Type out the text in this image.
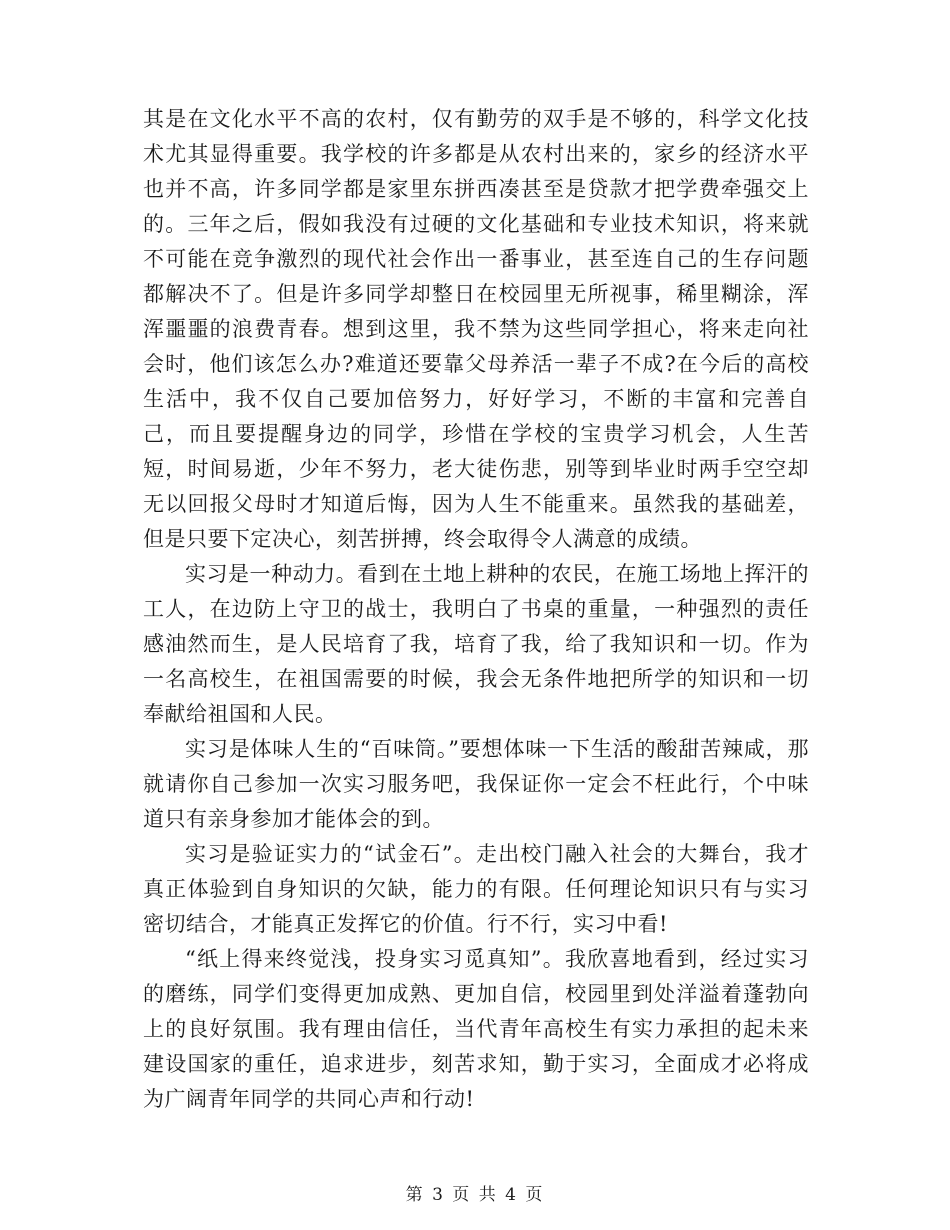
其是在文化水平不高的农村，仅有勤劳的双手是不够的，科学文化技术尤其显得重要。我学校的许多都是从农村出来的，家乡的经济水平也并不高，许多同学都是家里东拼西凑甚至是贷款才把学费牵强交上的。三年之后，假如我没有过硬的文化基础和专业技术知识，将来就不可能在竞争激烈的现代社会作出一番事业，甚至连自己的生存问题都解决不了。但是许多同学却整日在校园里无所视事，稀里糊涂，浑浑噩噩的浪费青春。想到这里，我不禁为这些同学担心，将来走向社会时，他们该怎么办?难道还要靠父母养活一辈子不成?在今后的高校生活中，我不仅自己要加倍努力，好好学习，不断的丰富和完善自己，而且要提醒身边的同学，珍惜在学校的宝贵学习机会，人生苦短，时间易逝，少年不努力，老大徒伤悲，别等到毕业时两手空空却无以回报父母时才知道后悔，因为人生不能重来。虽然我的基础差，但是只要下定决心，刻苦拼搏，终会取得令人满意的成绩。

实习是一种动力。看到在土地上耕种的农民，在施工场地上挥汗的工人，在边防上守卫的战士，我明白了书桌的重量，一种强烈的责任感油然而生，是人民培育了我，培育了我，给了我知识和一切。作为一名高校生，在祖国需要的时候，我会无条件地把所学的知识和一切奉献给祖国和人民。

实习是体味人生的“百味筒。”要想体味一下生活的酸甜苦辣咸，那就请你自己参加一次实习服务吧，我保证你一定会不枉此行，个中味道只有亲身参加才能体会的到。

实习是验证实力的“试金石”。走出校门融入社会的大舞台，我才真正体验到自身知识的欠缺，能力的有限。任何理论知识只有与实习密切结合，才能真正发挥它的价值。行不行，实习中看!

“纸上得来终觉浅，投身实习觅真知”。我欣喜地看到，经过实习的磨练，同学们变得更加成熟、更加自信，校园里到处洋溢着蓬勃向上的良好氛围。我有理由信任，当代青年高校生有实力承担的起未来建设国家的重任，追求进步，刻苦求知，勤于实习，全面成才必将成为广阔青年同学的共同心声和行动!

第 3 页 共 4 页
